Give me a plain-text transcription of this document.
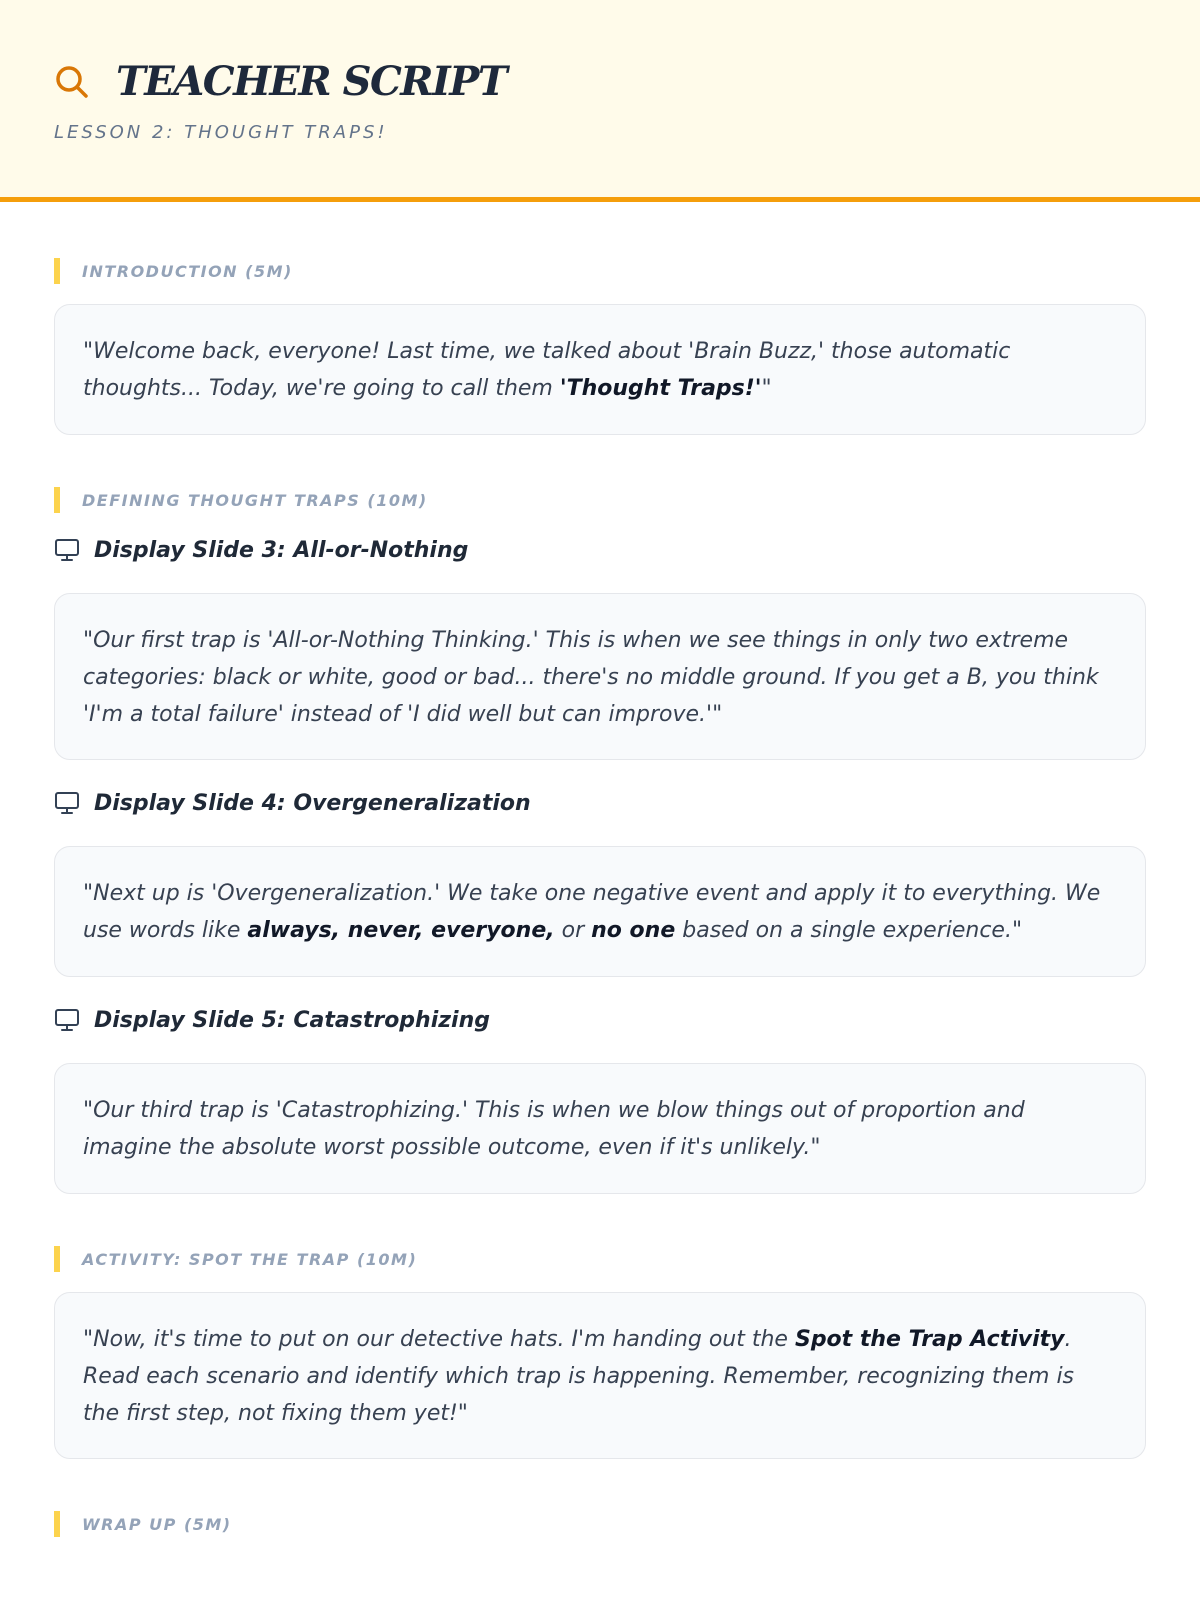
TEACHER SCRIPT
LESSON 2: THOUGHT TRAPS!
INTRODUCTION (5M)
"Welcome back, everyone! Last time, we talked about 'Brain Buzz,' those automatic thoughts... Today, we're going to call them 'Thought Traps!'"
DEFINING THOUGHT TRAPS (10M)
Display Slide 3: All-or-Nothing
"Our first trap is 'All-or-Nothing Thinking.' This is when we see things in only two extreme categories: black or white, good or bad... there's no middle ground. If you get a B, you think 'I'm a total failure' instead of 'I did well but can improve.'"
Display Slide 4: Overgeneralization
"Next up is 'Overgeneralization.' We take one negative event and apply it to everything. We use words like always, never, everyone, or no one based on a single experience."
Display Slide 5: Catastrophizing
"Our third trap is 'Catastrophizing.' This is when we blow things out of proportion and imagine the absolute worst possible outcome, even if it's unlikely."
ACTIVITY: SPOT THE TRAP (10M)
"Now, it's time to put on our detective hats. I'm handing out the Spot the Trap Activity. Read each scenario and identify which trap is happening. Remember, recognizing them is the first step, not fixing them yet!"
WRAP UP (5M)
